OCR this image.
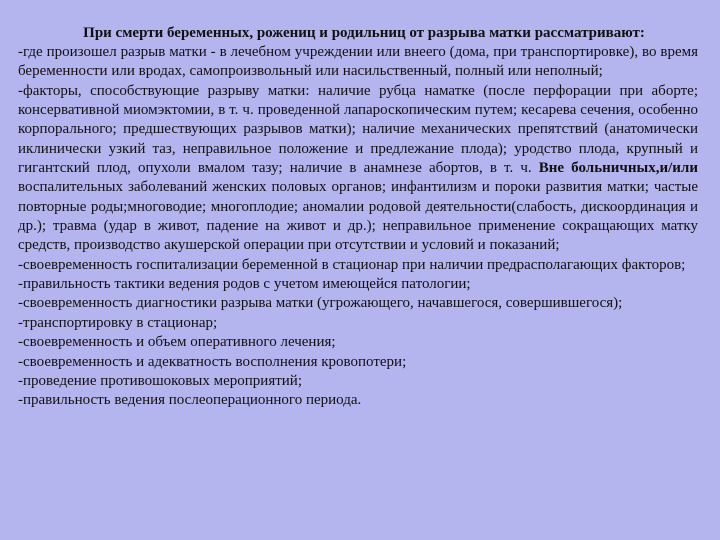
При смерти беременных, рожениц и родильниц от разрыва матки рассматривают:

-где произошел разрыв матки - в лечебном учреждении или внеего (дома, при транспортировке), во время беременности или вродах, самопроизвольный или насильственный, полный или неполный;

-факторы, способствующие разрыву матки: наличие рубца наматке (после перфорации при аборте; консервативной миомэктомии, в т. ч. проведенной лапароскопическим путем; кесарева сечения, особенно корпорального; предшествующих разрывов матки); наличие механических препятствий (анатомически иклинически узкий таз, неправильное положение и предлежание плода); уродство плода, крупный и гигантский плод, опухоли вмалом тазу; наличие в анамнезе абортов, в т. ч. Вне больничных,и/или воспалительных заболеваний женских половых органов; инфантилизм и пороки развития матки; частые повторные роды;многоводие; многоплодие; аномалии родовой деятельности(слабость, дискоординация и др.); травма (удар в живот, падение на живот и др.); неправильное применение сокращающих матку средств, производство акушерской операции при отсутствии и условий и показаний;

-своевременность госпитализации беременной в стационар при наличии предрасполагающих факторов;

-правильность тактики ведения родов с учетом имеющейся патологии;

-своевременность диагностики разрыва матки (угрожающего, начавшегося, совершившегося);

-транспортировку в стационар;

-своевременность и объем оперативного лечения;

-своевременность и адекватность восполнения кровопотери;

-проведение противошоковых мероприятий;

-правильность ведения послеоперационного периода.
